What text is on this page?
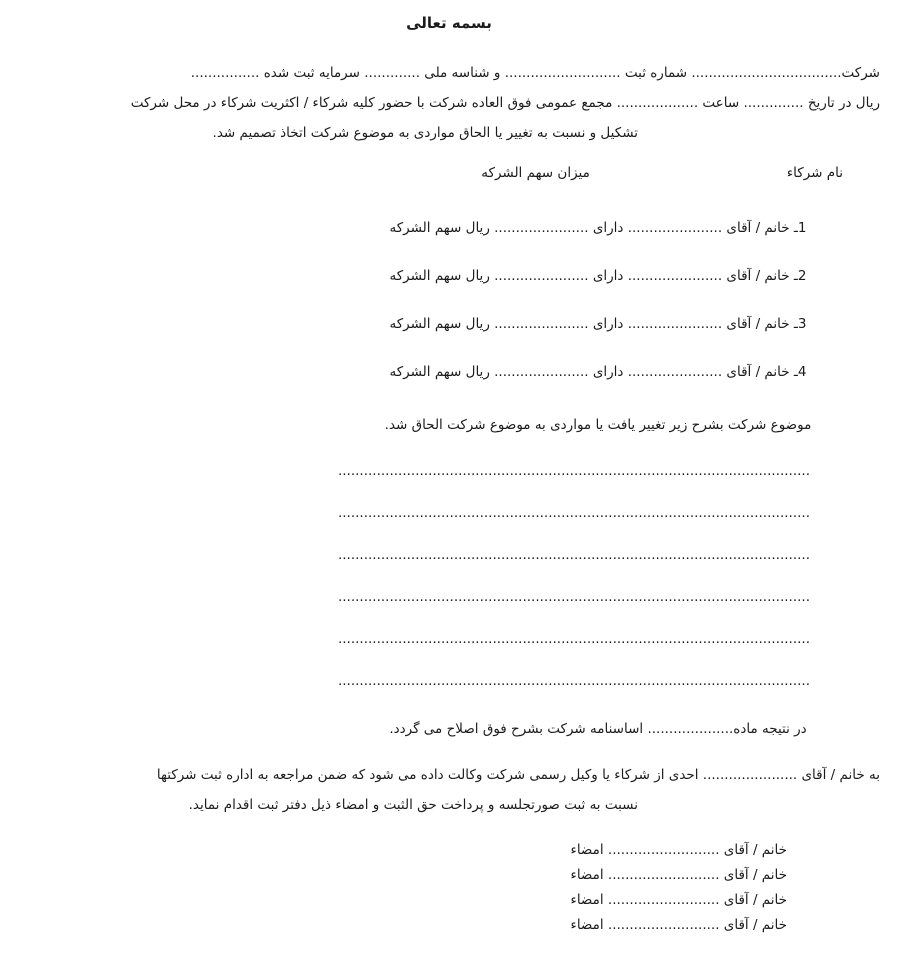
بسمه تعالی
شرکت................................... شماره ثبت ........................... و شناسه ملی ............. سرمایه ثبت شده ................
ریال در تاریخ .............. ساعت ................... مجمع عمومی فوق العاده شرکت با حضور کلیه شرکاء / اکثریت شرکاء در محل شرکت
تشکیل و نسبت به تغییر یا الحاق مواردی به موضوع شرکت اتخاذ تصمیم شد.
نام شرکاء
میزان سهم الشرکه
1ـ خانم / آقای ...................... دارای ...................... ریال سهم الشرکه
2ـ خانم / آقای ...................... دارای ...................... ریال سهم الشرکه
3ـ خانم / آقای ...................... دارای ...................... ریال سهم الشرکه
4ـ خانم / آقای ...................... دارای ...................... ریال سهم الشرکه
موضوع شرکت بشرح زیر تغییر یافت یا مواردی به موضوع شرکت الحاق شد.
..............................................................................................................
..............................................................................................................
..............................................................................................................
..............................................................................................................
..............................................................................................................
..............................................................................................................
در نتیجه ماده.................... اساسنامه شرکت بشرح فوق اصلاح می گردد.
به خانم / آقای ...................... احدی از شرکاء یا وکیل رسمی شرکت وکالت داده می شود که ضمن مراجعه به اداره ثبت شرکتها
نسبت به ثبت صورتجلسه و پرداخت حق الثبت و امضاء ذیل دفتر ثبت اقدام نماید.
خانم / آقای .......................... امضاء
خانم / آقای .......................... امضاء
خانم / آقای .......................... امضاء
خانم / آقای .......................... امضاء
